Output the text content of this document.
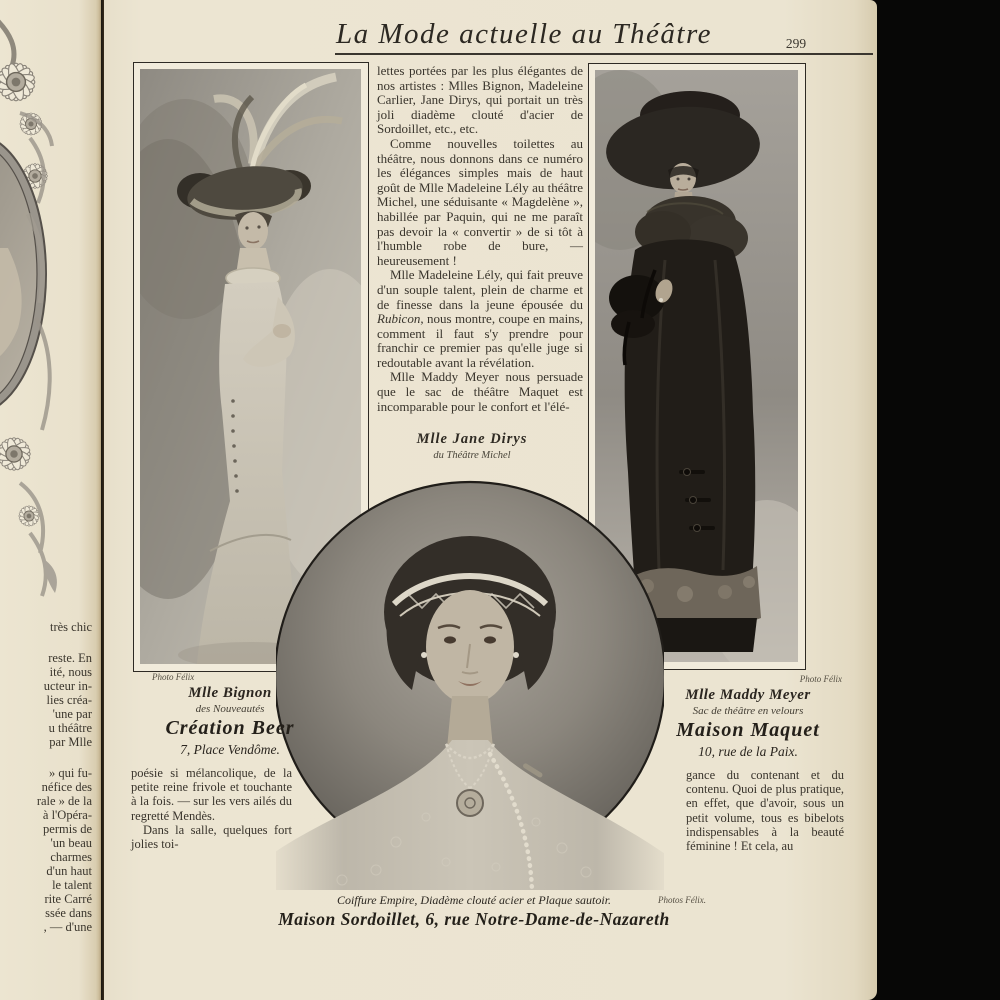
très chic
reste. En
ité, nous
ucteur in-
lies créa-
'une par
u théâtre
par Mlle
» qui fu-
néfice des
rale » de la
à l'Opéra-
permis de
'un beau
charmes
d'un haut
le talent
rite Carré
ssée dans
, — d'une
La Mode actuelle au Théâtre	299

lettes portées par les plus élégantes de nos artistes : Mlles Bignon, Madeleine Carlier, Jane Dirys, qui portait un très joli diadème clouté d'acier de Sordoillet, etc., etc.

Comme nouvelles toilettes au théâtre, nous donnons dans ce numéro les élégances simples mais de haut goût de Mlle Madeleine Lély au théâtre Michel, une séduisante « Magdelène », habillée par Paquin, qui ne me paraît pas devoir la « convertir » de si tôt à l'humble robe de bure, — heureusement !

Mlle Madeleine Lély, qui fait preuve d'un souple talent, plein de charme et de finesse dans la jeune épousée du Rubicon, nous montre, coupe en mains, comment il faut s'y prendre pour franchir ce premier pas qu'elle juge si redoutable avant la révélation.

Mlle Maddy Meyer nous persuade que le sac de théâtre Maquet est incomparable pour le confort et l'élé-

Mlle Jane Dirys
du Théâtre Michel
Photo Félix
Mlle Bignon
des Nouveautés
Création Beer
7, Place Vendôme.
Photo Félix
Mlle Maddy Meyer
Sac de théâtre en velours
Maison Maquet
10, rue de la Paix.

poésie si mélancolique, de la petite reine frivole et touchante à la fois. — sur les vers ailés du regretté Mendès.

Dans la salle, quelques fort jolies toi-

gance du contenant et du contenu. Quoi de plus pratique, en effet, que d'avoir, sous un petit volume, tous es bibelots indispensables à la beauté féminine ! Et cela, au

Coiffure Empire, Diadème clouté acier et Plaque sautoir.
Maison Sordoillet, 6, rue Notre-Dame-de-Nazareth
Photos Félix.
